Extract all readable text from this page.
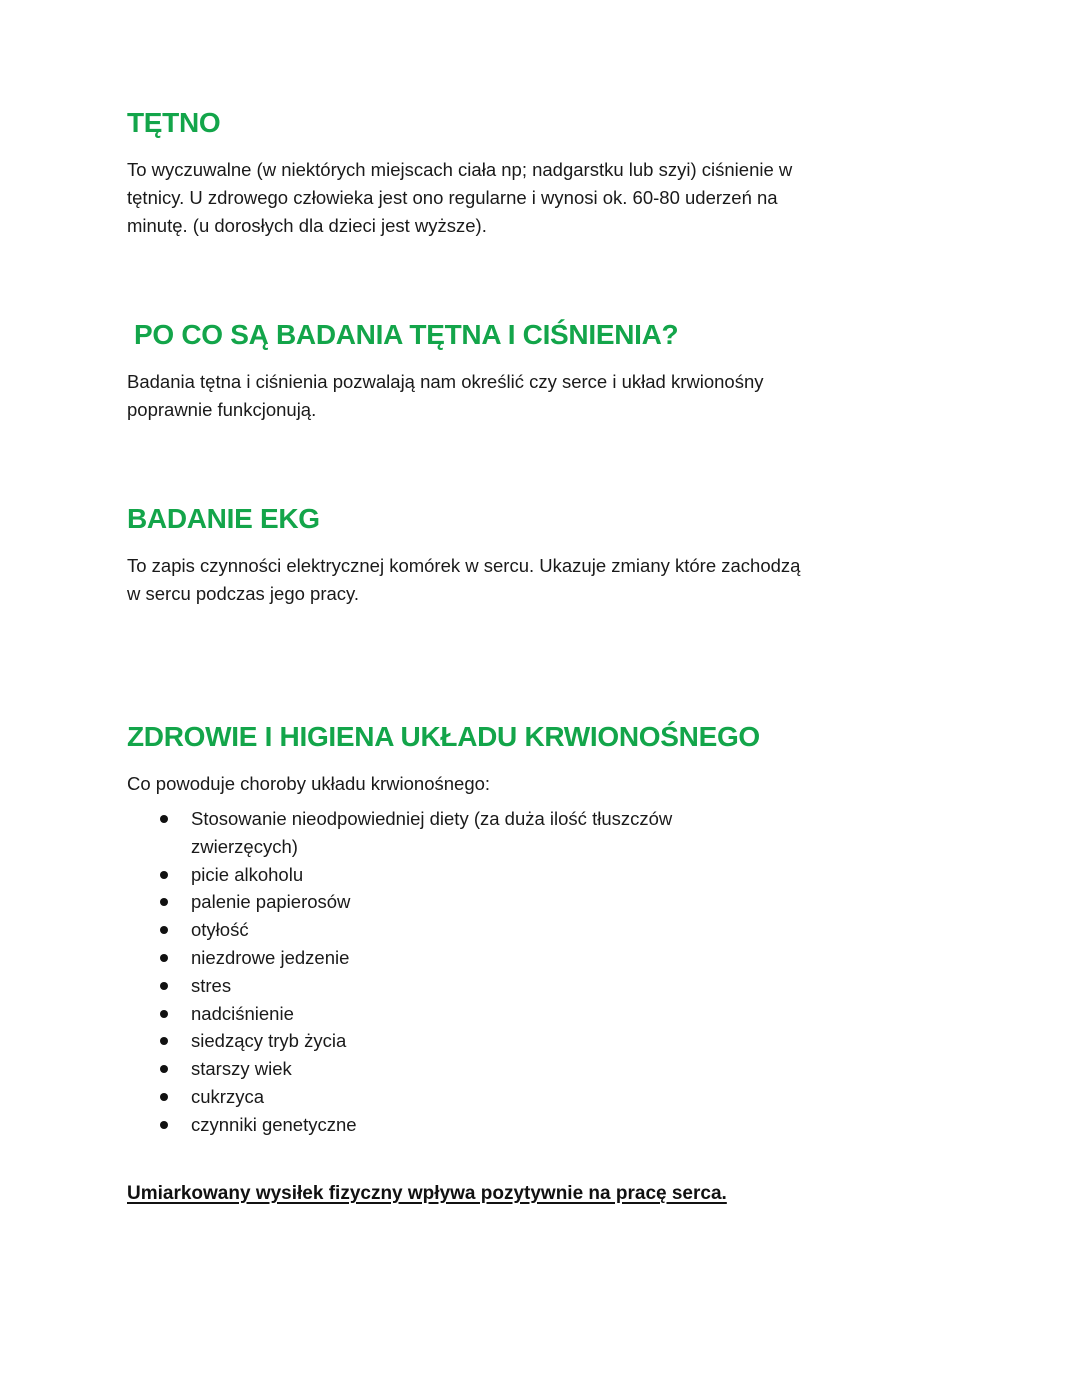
TĘTNO

To wyczuwalne (w niektórych miejscach ciała np; nadgarstku lub szyi) ciśnienie w tętnicy. U zdrowego człowieka jest ono regularne i wynosi ok. 60-80 uderzeń na minutę. (u dorosłych dla dzieci jest wyższe).

PO CO SĄ BADANIA TĘTNA I CIŚNIENIA?

Badania tętna i ciśnienia pozwalają nam określić czy serce i układ krwionośny poprawnie funkcjonują.

BADANIE EKG

To zapis czynności elektrycznej komórek w sercu. Ukazuje zmiany które zachodzą w sercu podczas jego pracy.

ZDROWIE I HIGIENA UKŁADU KRWIONOŚNEGO

Co powoduje choroby układu krwionośnego:

Stosowanie nieodpowiedniej diety (za duża ilość tłuszczów zwierzęcych)
picie alkoholu
palenie papierosów
otyłość
niezdrowe jedzenie
stres
nadciśnienie
siedzący tryb życia
starszy wiek
cukrzyca
czynniki genetyczne

Umiarkowany wysiłek fizyczny wpływa pozytywnie na pracę serca.
